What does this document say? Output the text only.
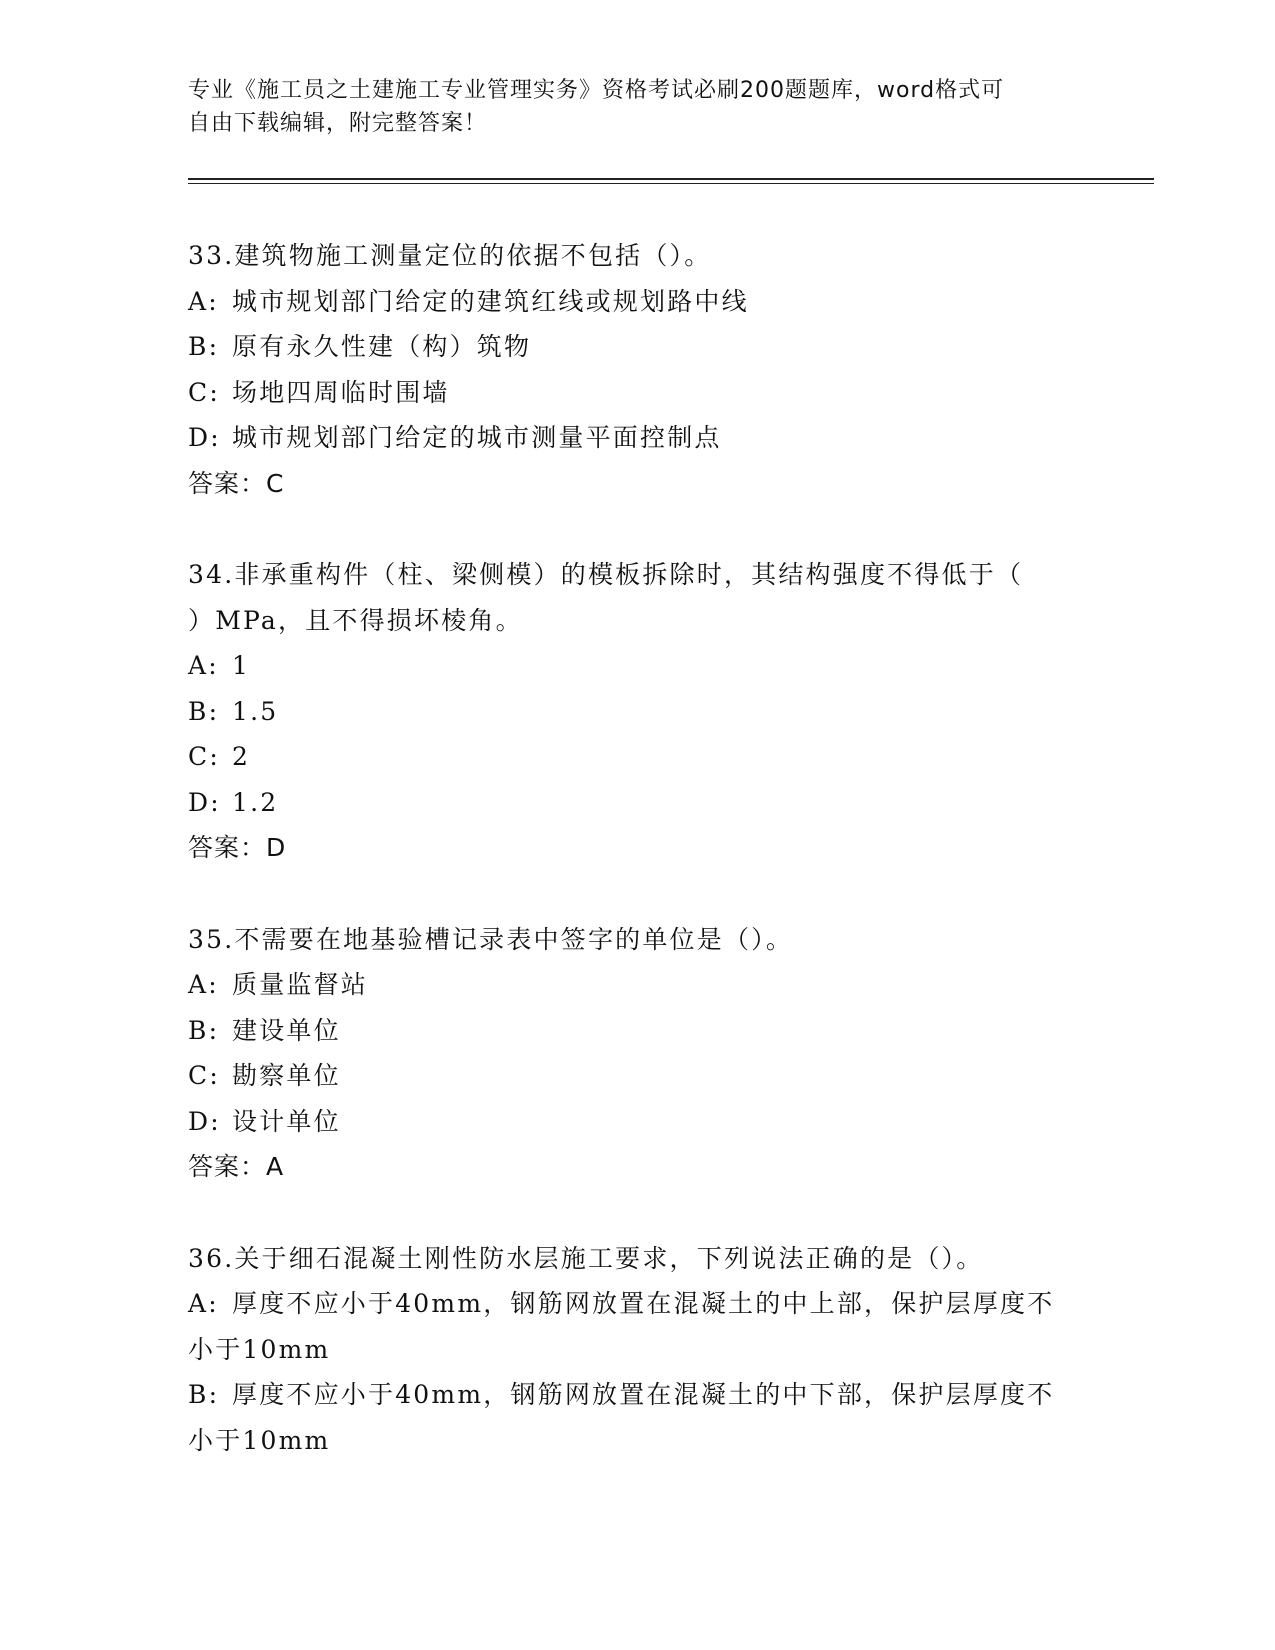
专业《施工员之土建施工专业管理实务》资格考试必刷200题题库，word格式可
自由下载编辑，附完整答案！
33.建筑物施工测量定位的依据不包括（）。
A: 城市规划部门给定的建筑红线或规划路中线
B: 原有永久性建（构）筑物
C: 场地四周临时围墙
D: 城市规划部门给定的城市测量平面控制点
答案：C
34.非承重构件（柱、梁侧模）的模板拆除时，其结构强度不得低于（
）MPa，且不得损坏棱角。
A: 1
B: 1.5
C: 2
D: 1.2
答案：D
35.不需要在地基验槽记录表中签字的单位是（）。
A: 质量监督站
B: 建设单位
C: 勘察单位
D: 设计单位
答案：A
36.关于细石混凝土刚性防水层施工要求，下列说法正确的是（）。
A: 厚度不应小于40mm，钢筋网放置在混凝土的中上部，保护层厚度不
小于10mm
B: 厚度不应小于40mm，钢筋网放置在混凝土的中下部，保护层厚度不
小于10mm
